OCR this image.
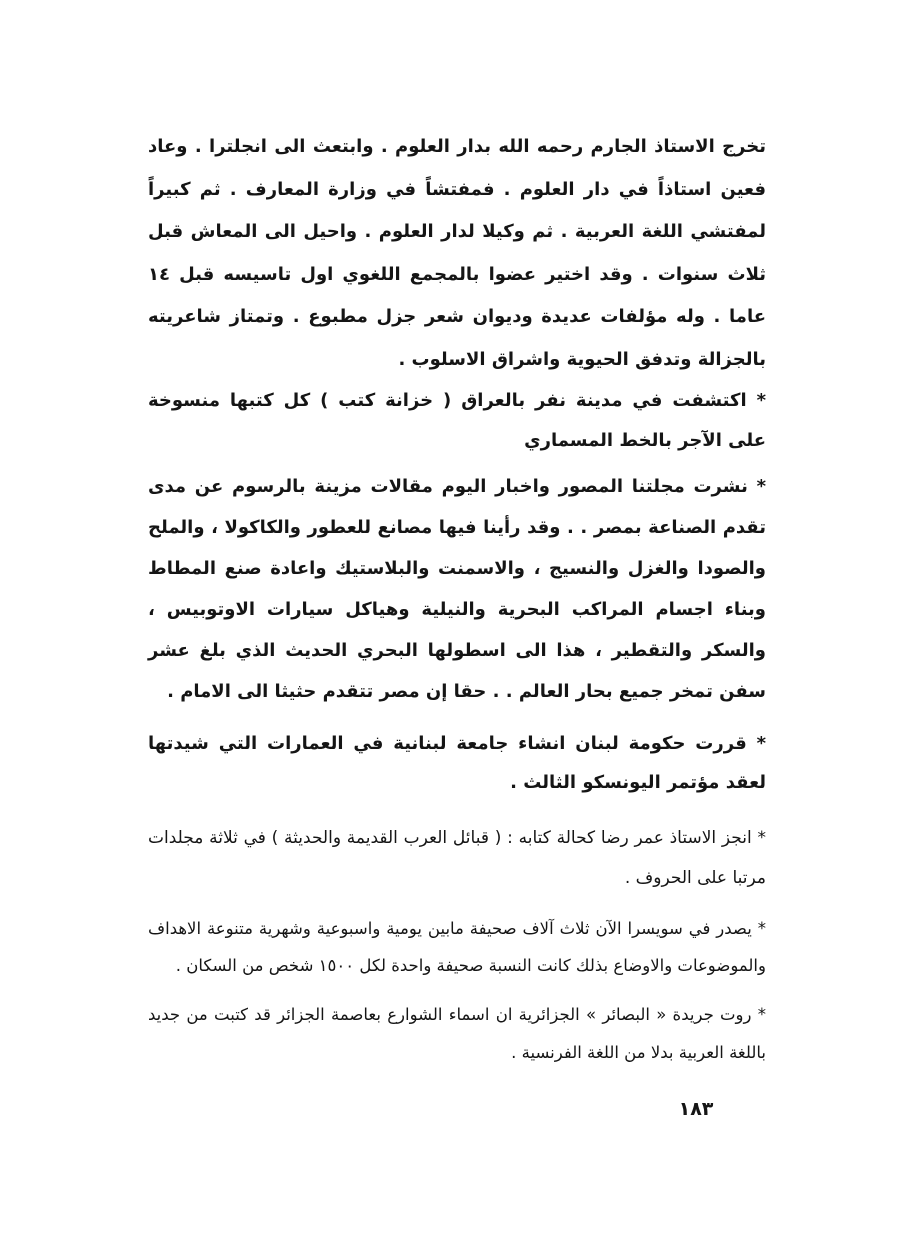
تخرج الاستاذ الجارم رحمه الله بدار العلوم . وابتعث الى انجلترا . وعاد فعين استاذاً في دار العلوم . فمفتشاً في وزارة المعارف . ثم كبيراً لمفتشي اللغة العربية . ثم وكيلا لدار العلوم . واحيل الى المعاش قبل ثلاث سنوات . وقد اختير عضوا بالمجمع اللغوي اول تاسيسه قبل ١٤ عاما . وله مؤلفات عديدة وديوان شعر جزل مطبوع . وتمتاز شاعريته بالجزالة وتدفق الحيوية واشراق الاسلوب .

* اكتشفت في مدينة نفر بالعراق ( خزانة كتب ) كل كتبها منسوخة على الآجر بالخط المسماري

* نشرت مجلتنا المصور واخبار اليوم مقالات مزينة بالرسوم عن مدى تقدم الصناعة بمصر . . وقد رأينا فيها مصانع للعطور والكاكولا ، والملح والصودا والغزل والنسيج ، والاسمنت والبلاستيك واعادة صنع المطاط وبناء اجسام المراكب البحرية والنيلية وهياكل سيارات الاوتوبيس ، والسكر والتقطير ، هذا الى اسطولها البحري الحديث الذي بلغ عشر سفن تمخر جميع بحار العالم . . حقا إن مصر تتقدم حثيثا الى الامام .

* قررت حكومة لبنان انشاء جامعة لبنانية في العمارات التي شيدتها لعقد مؤتمر اليونسكو الثالث .

* انجز الاستاذ عمر رضا كحالة كتابه : ( قبائل العرب القديمة والحديثة ) في ثلاثة مجلدات مرتبا على الحروف .

* يصدر في سويسرا الآن ثلاث آلاف صحيفة مابين يومية واسبوعية وشهرية متنوعة الاهداف والموضوعات والاوضاع بذلك كانت النسبة صحيفة واحدة لكل ١٥٠٠ شخص من السكان .

* روت جريدة « البصائر » الجزائرية ان اسماء الشوارع بعاصمة الجزائر قد كتبت من جديد باللغة العربية بدلا من اللغة الفرنسية .

١٨٣
